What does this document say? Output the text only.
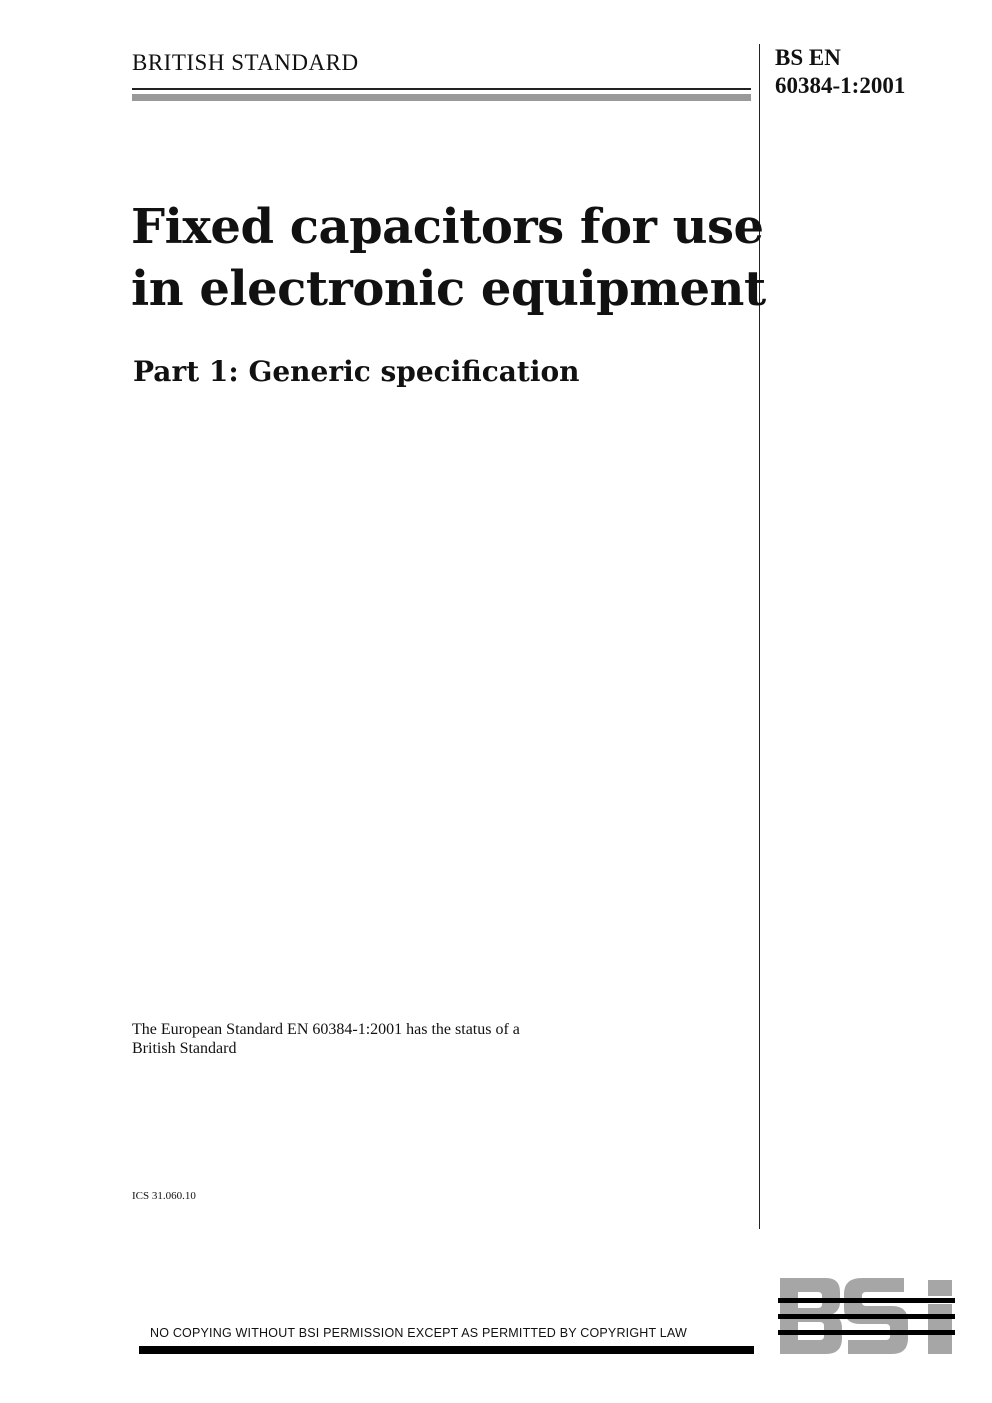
BRITISH STANDARD	BS EN
60384-1:2001
Fixed capacitors for use
in electronic equipment
Part 1: Generic specification
The European Standard EN 60384-1:2001 has the status of a
British Standard
ICS 31.060.10
NO COPYING WITHOUT BSI PERMISSION EXCEPT AS PERMITTED BY COPYRIGHT LAW
